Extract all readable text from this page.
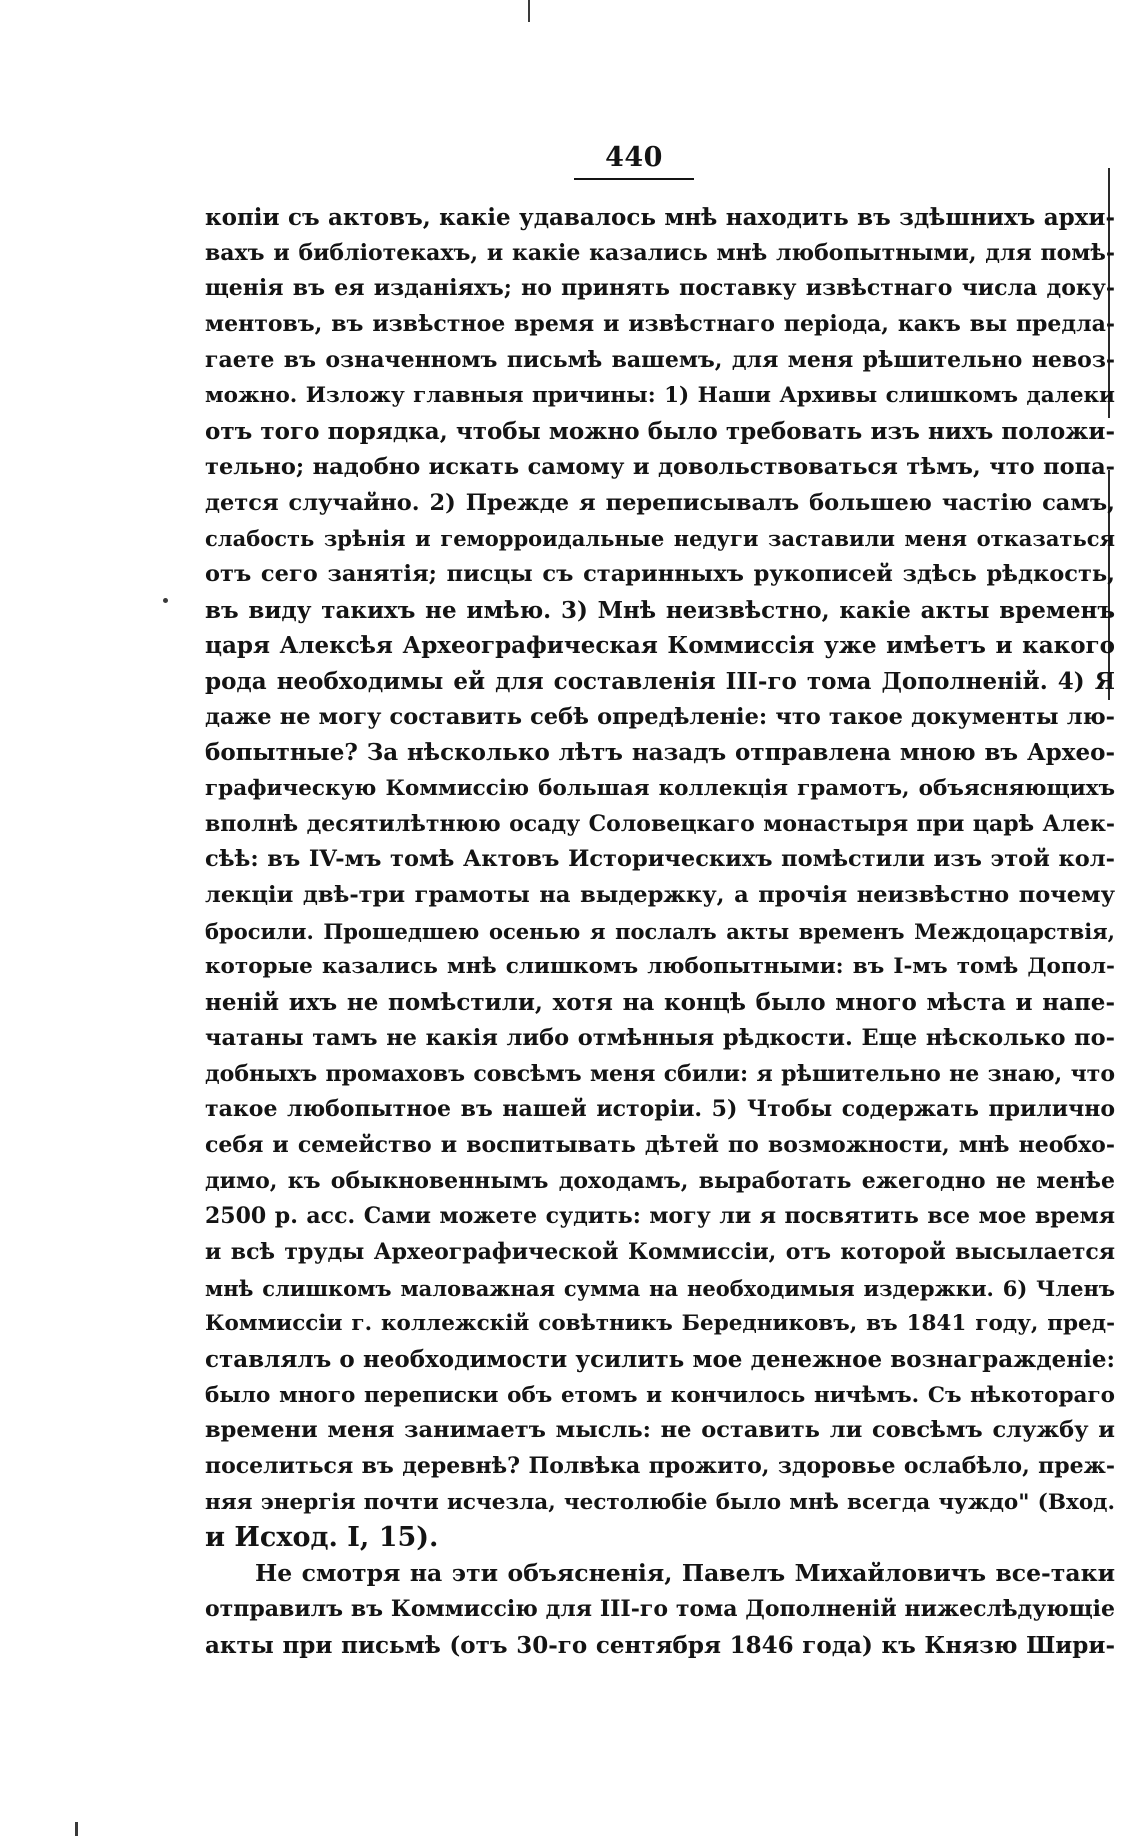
440
копіи съ актовъ, какіе удавалось мнѣ находить въ здѣшнихъ архи-
вахъ и библіотекахъ, и какіе казались мнѣ любопытными, для помѣ-
щенія въ ея изданіяхъ; но принять поставку извѣстнаго числа доку-
ментовъ, въ извѣстное время и извѣстнаго періода, какъ вы предла-
гаете въ означенномъ письмѣ вашемъ, для меня рѣшительно невоз-
можно. Изложу главныя причины: 1) Наши Архивы слишкомъ далеки
отъ того порядка, чтобы можно было требовать изъ нихъ положи-
тельно; надобно искать самому и довольствоваться тѣмъ, что попа-
дется случайно. 2) Прежде я переписывалъ большею частію самъ,
слабость зрѣнія и геморроидальные недуги заставили меня отказаться
отъ сего занятія; писцы съ старинныхъ рукописей здѣсь рѣдкость,
въ виду такихъ не имѣю. 3) Мнѣ неизвѣстно, какіе акты временъ
царя Алексѣя Археографическая Коммиссія уже имѣетъ и какого
рода необходимы ей для составленія III-го тома Дополненій. 4) Я
даже не могу составить себѣ опредѣленіе: что такое документы лю-
бопытные? За нѣсколько лѣтъ назадъ отправлена мною въ Архео-
графическую Коммиссію большая коллекція грамотъ, объясняющихъ
вполнѣ десятилѣтнюю осаду Соловецкаго монастыря при царѣ Алек-
сѣѣ: въ IV-мъ томѣ Актовъ Историческихъ помѣстили изъ этой кол-
лекціи двѣ-три грамоты на выдержку, а прочія неизвѣстно почему
бросили. Прошедшею осенью я послалъ акты временъ Междоцарствія,
которые казались мнѣ слишкомъ любопытными: въ I-мъ томѣ Допол-
неній ихъ не помѣстили, хотя на концѣ было много мѣста и напе-
чатаны тамъ не какія либо отмѣнныя рѣдкости. Еще нѣсколько по-
добныхъ промаховъ совсѣмъ меня сбили: я рѣшительно не знаю, что
такое любопытное въ нашей исторіи. 5) Чтобы содержать прилично
себя и семейство и воспитывать дѣтей по возможности, мнѣ необхо-
димо, къ обыкновеннымъ доходамъ, выработать ежегодно не менѣе
2500 р. асс. Сами можете судить: могу ли я посвятить все мое время
и всѣ труды Археографической Коммиссіи, отъ которой высылается
мнѣ слишкомъ маловажная сумма на необходимыя издержки. 6) Членъ
Коммиссіи г. коллежскій совѣтникъ Бередниковъ, въ 1841 году, пред-
ставлялъ о необходимости усилить мое денежное вознагражденіе:
было много переписки объ етомъ и кончилось ничѣмъ. Съ нѣкотораго
времени меня занимаетъ мысль: не оставить ли совсѣмъ службу и
поселиться въ деревнѣ? Полвѣка прожито, здоровье ослабѣло, преж-
няя энергія почти исчезла, честолюбіе было мнѣ всегда чуждо" (Вход.
и Исход. I, 15).
Не смотря на эти объясненія, Павелъ Михайловичъ все-таки
отправилъ въ Коммиссію для III-го тома Дополненій нижеслѣдующіе
акты при письмѣ (отъ 30-го сентября 1846 года) къ Князю Шири-
